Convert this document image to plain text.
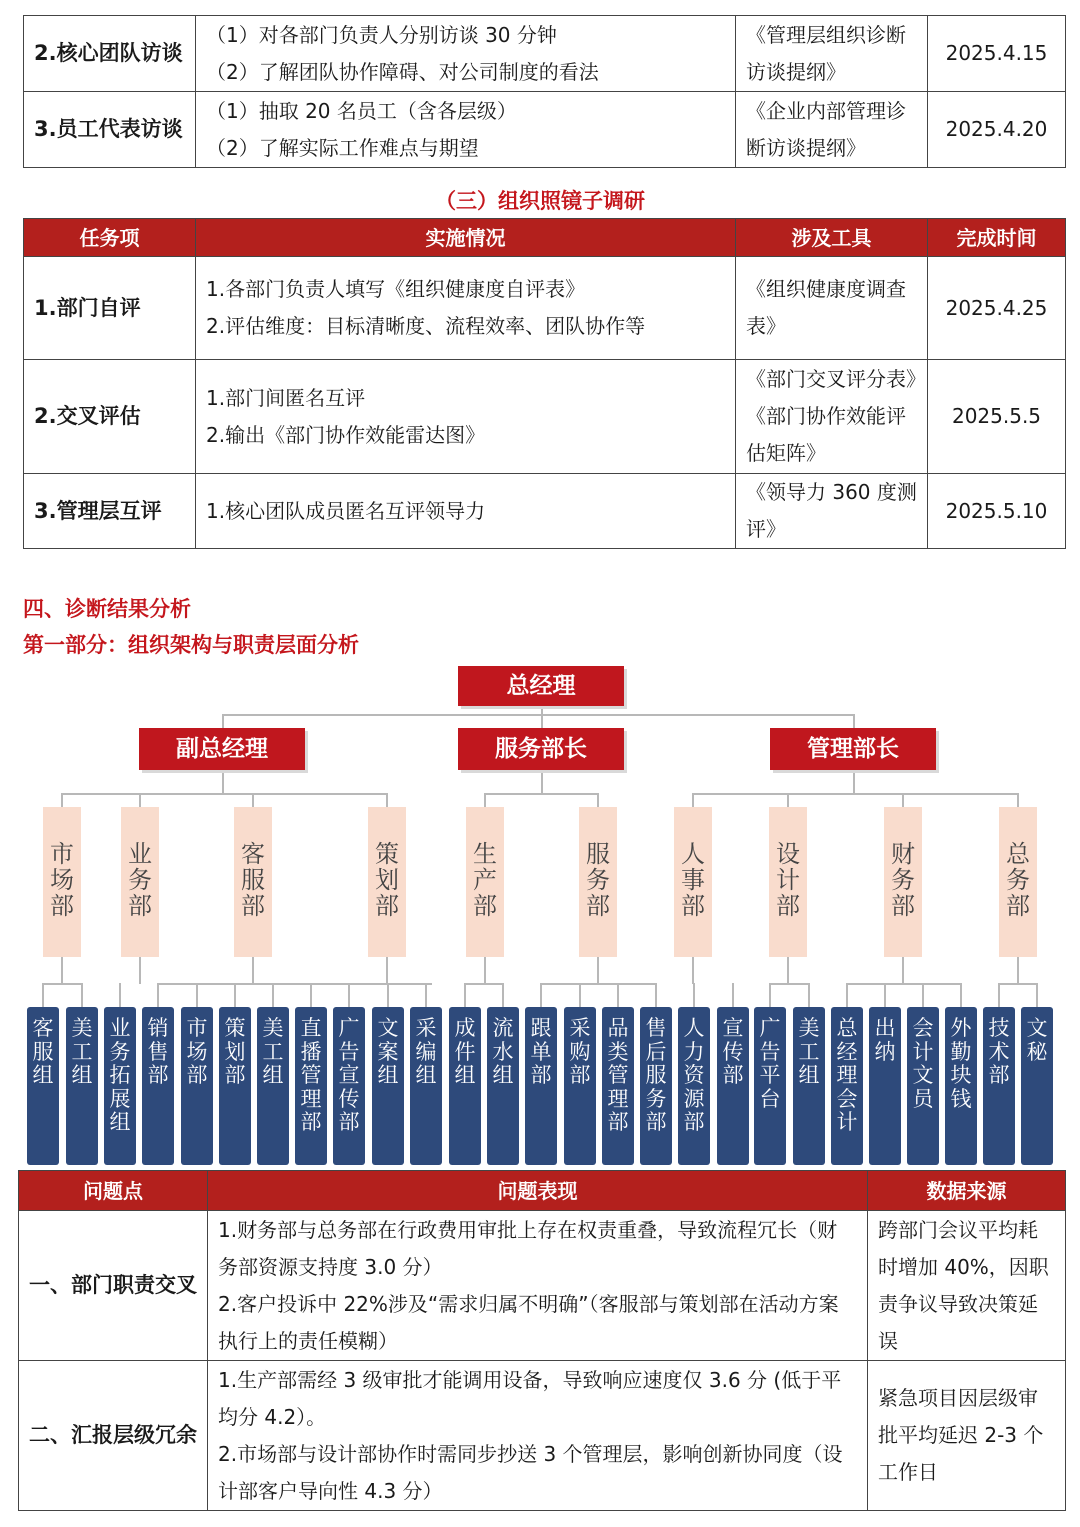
2.核心团队访谈	（1）对各部门负责人分别访谈 30 分钟
（2）了解团队协作障碍、对公司制度的看法	《管理层组织诊断访谈提纲》	2025.4.15
3.员工代表访谈	（1）抽取 20 名员工（含各层级）
（2）了解实际工作难点与期望	《企业内部管理诊断访谈提纲》	2025.4.20
（三）组织照镜子调研
任务项	实施情况	涉及工具	完成时间
1.部门自评	1.各部门负责人填写《组织健康度自评表》
2.评估维度：目标清晰度、流程效率、团队协作等	《组织健康度调查表》	2025.4.25
2.交叉评估	1.部门间匿名互评
2.输出《部门协作效能雷达图》	《部门交叉评分表》《部门协作效能评估矩阵》	2025.5.5
3.管理层互评	1.核心团队成员匿名互评领导力	《领导力 360 度测评》	2025.5.10
四、诊断结果分析
第一部分：组织架构与职责层面分析
总经理
副总经理	服务部长	管理部长
市
场
部
业
务
部
客
服
部
策
划
部
生
产
部
服
务
部
人
事
部
设
计
部
财
务
部
总
务
部
客
服
组
美
工
组
业
务
拓
展
组
销
售
部
市
场
部
策
划
部
美
工
组
直
播
管
理
部
广
告
宣
传
部
文
案
组
采
编
组
成
件
组
流
水
组
跟
单
部
采
购
部
品
类
管
理
部
售
后
服
务
部
人
力
资
源
部
宣
传
部
广
告
平
台
美
工
组
总
经
理
会
计
出
纳
会
计
文
员
外
勤
块
钱
技
术
部
文
秘
问题点	问题表现	数据来源
一、部门职责交叉	1.财务部与总务部在行政费用审批上存在权责重叠，导致流程冗长（财务部资源支持度 3.0 分）
2.客户投诉中 22%涉及“需求归属不明确”（客服部与策划部在活动方案执行上的责任模糊）	跨部门会议平均耗时增加 40%，因职责争议导致决策延误
二、汇报层级冗余	1.生产部需经 3 级审批才能调用设备，导致响应速度仅 3.6 分 (低于平均分 4.2）。
2.市场部与设计部协作时需同步抄送 3 个管理层，影响创新协同度（设计部客户导向性 4.3 分）	紧急项目因层级审批平均延迟 2-3 个工作日
